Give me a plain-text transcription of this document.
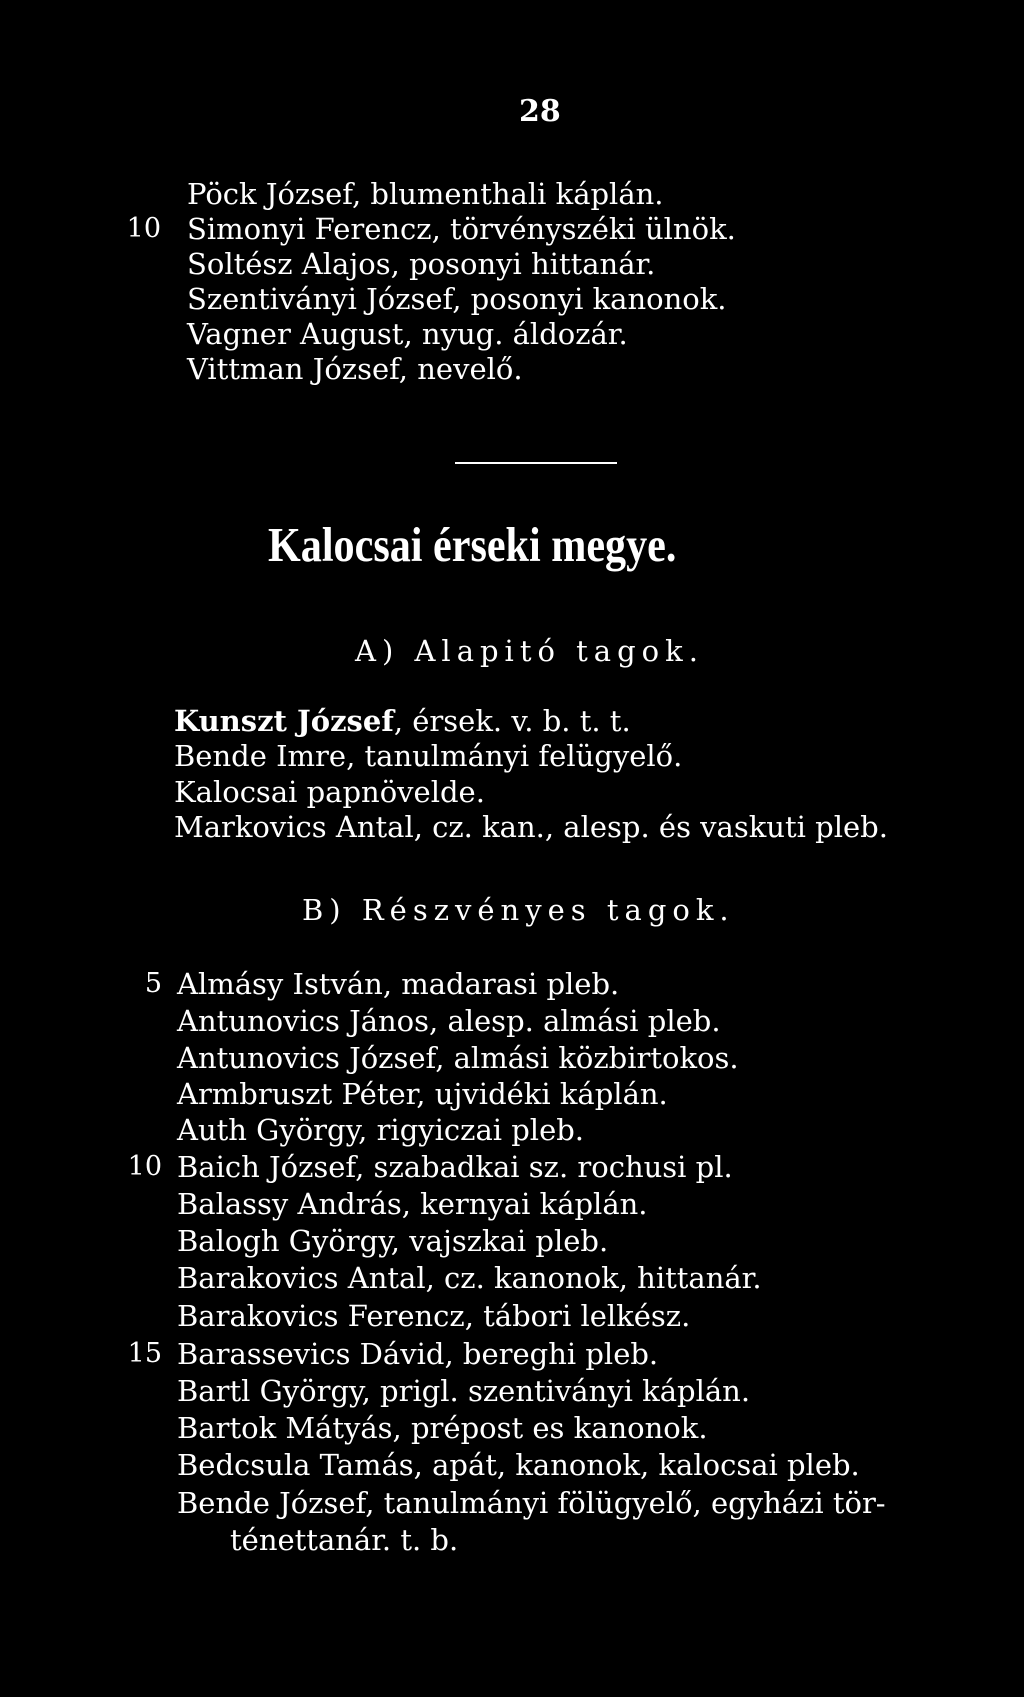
28
10
Pöck József, blumenthali káplán.
Simonyi Ferencz, törvényszéki ülnök.
Soltész Alajos, posonyi hittanár.
Szentiványi József, posonyi kanonok.
Vagner August, nyug. áldozár.
Vittman József, nevelő.
Kalocsai érseki megye.
A) Alapitó tagok.
Kunszt József, érsek. v. b. t. t.
Bende Imre, tanulmányi felügyelő.
Kalocsai papnövelde.
Markovics Antal, cz. kan., alesp. és vaskuti pleb.
B) Részvényes tagok.
5
10
15
Almásy István, madarasi pleb.
Antunovics János, alesp. almási pleb.
Antunovics József, almási közbirtokos.
Armbruszt Péter, ujvidéki káplán.
Auth György, rigyiczai pleb.
Baich József, szabadkai sz. rochusi pl.
Balassy András, kernyai káplán.
Balogh György, vajszkai pleb.
Barakovics Antal, cz. kanonok, hittanár.
Barakovics Ferencz, tábori lelkész.
Barassevics Dávid, bereghi pleb.
Bartl György, prigl. szentiványi káplán.
Bartok Mátyás, prépost es kanonok.
Bedcsula Tamás, apát, kanonok, kalocsai pleb.
Bende József, tanulmányi fölügyelő, egyházi tör-
ténettanár. t. b.
